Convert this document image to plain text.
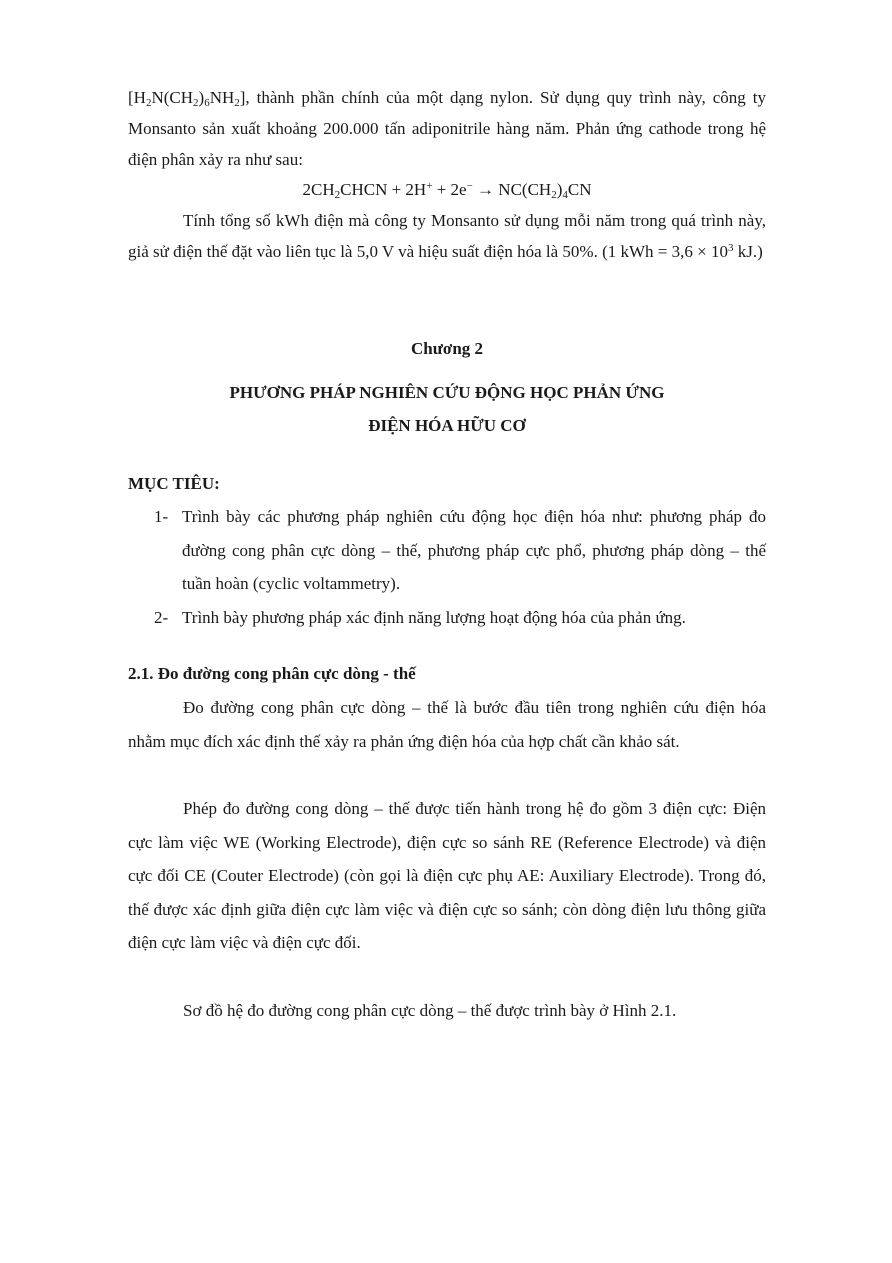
$[H_2N(CH_2)_6NH_2]$, thành phần chính của một dạng nylon. Sử dụng quy trình này, công ty Monsanto sản xuất khoảng 200.000 tấn adiponitrile hàng năm. Phản ứng cathode trong hệ điện phân xảy ra như sau:

$2CH_2CHCN + 2H^+ + 2e^- \to NC(CH_2)_4CN$

Tính tổng số kWh điện mà công ty Monsanto sử dụng mỗi năm trong quá trình này, giả sử điện thế đặt vào liên tục là 5,0 V và hiệu suất điện hóa là 50%. (1 kWh = $3,6 \times 10^3$ kJ.)

Chương 2

PHƯƠNG PHÁP NGHIÊN CỨU ĐỘNG HỌC PHẢN ỨNG

ĐIỆN HÓA HỮU CƠ

MỤC TIÊU:

1- Trình bày các phương pháp nghiên cứu động học điện hóa như: phương pháp đo đường cong phân cực dòng – thế, phương pháp cực phổ, phương pháp dòng – thế tuần hoàn (cyclic voltammetry).
2- Trình bày phương pháp xác định năng lượng hoạt động hóa của phản ứng.

2.1. Đo đường cong phân cực dòng - thế

Đo đường cong phân cực dòng – thế là bước đầu tiên trong nghiên cứu điện hóa nhằm mục đích xác định thế xảy ra phản ứng điện hóa của hợp chất cần khảo sát.

Phép đo đường cong dòng – thế được tiến hành trong hệ đo gồm 3 điện cực: Điện cực làm việc WE (Working Electrode), điện cực so sánh RE (Reference Electrode) và điện cực đối CE (Couter Electrode) (còn gọi là điện cực phụ AE: Auxiliary Electrode). Trong đó, thế được xác định giữa điện cực làm việc và điện cực so sánh; còn dòng điện lưu thông giữa điện cực làm việc và điện cực đối.

Sơ đồ hệ đo đường cong phân cực dòng – thế được trình bày ở Hình 2.1.
